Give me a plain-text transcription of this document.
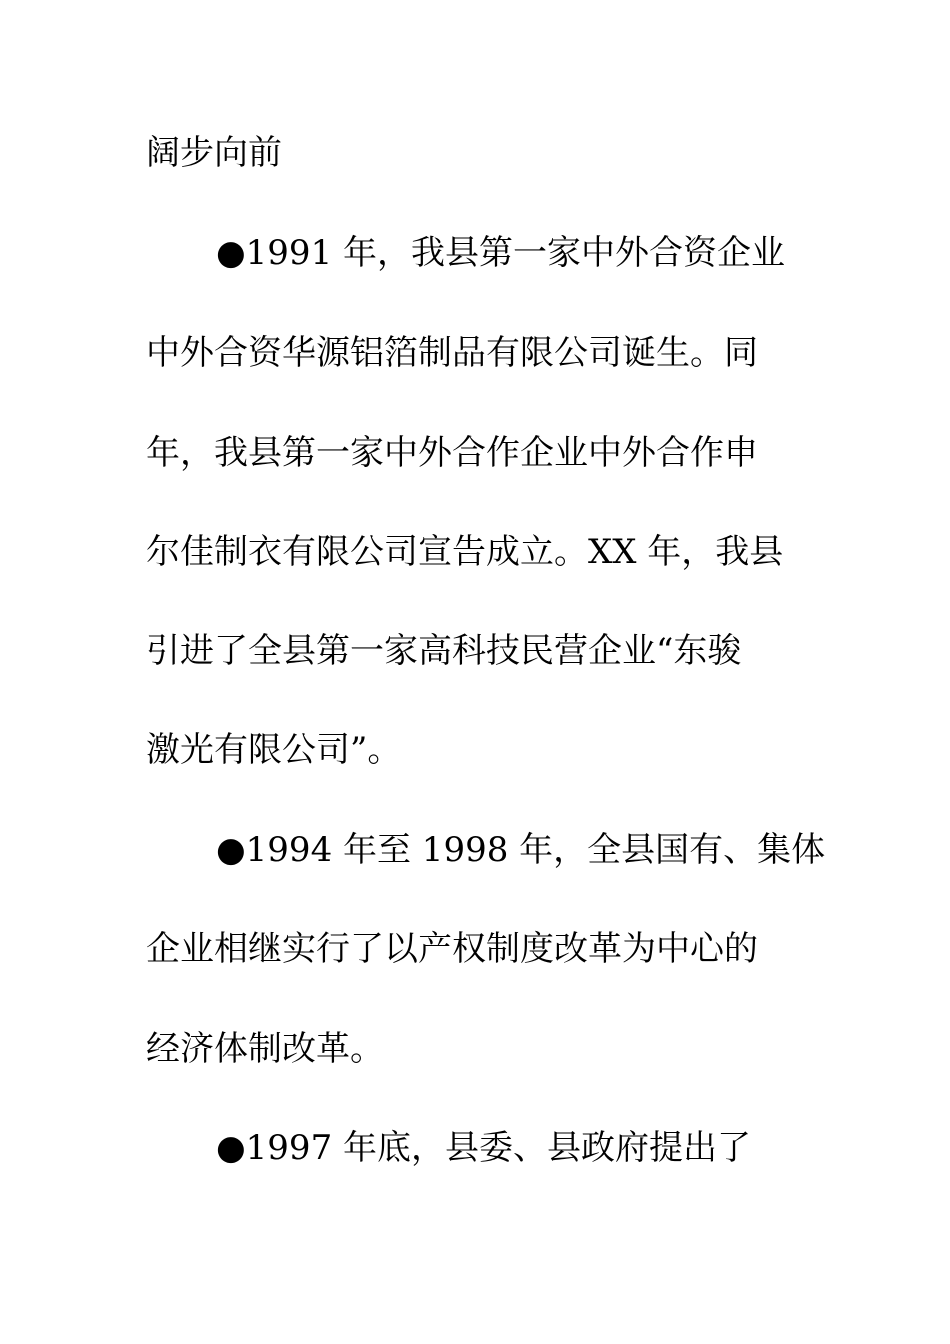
阔步向前
●1991 年，我县第一家中外合资企业
中外合资华源铝箔制品有限公司诞生。同
年，我县第一家中外合作企业中外合作申
尔佳制衣有限公司宣告成立。XX 年，我县
引进了全县第一家高科技民营企业“东骏
激光有限公司”。
●1994 年至 1998 年，全县国有、集体
企业相继实行了以产权制度改革为中心的
经济体制改革。
●1997 年底，县委、县政府提出了
